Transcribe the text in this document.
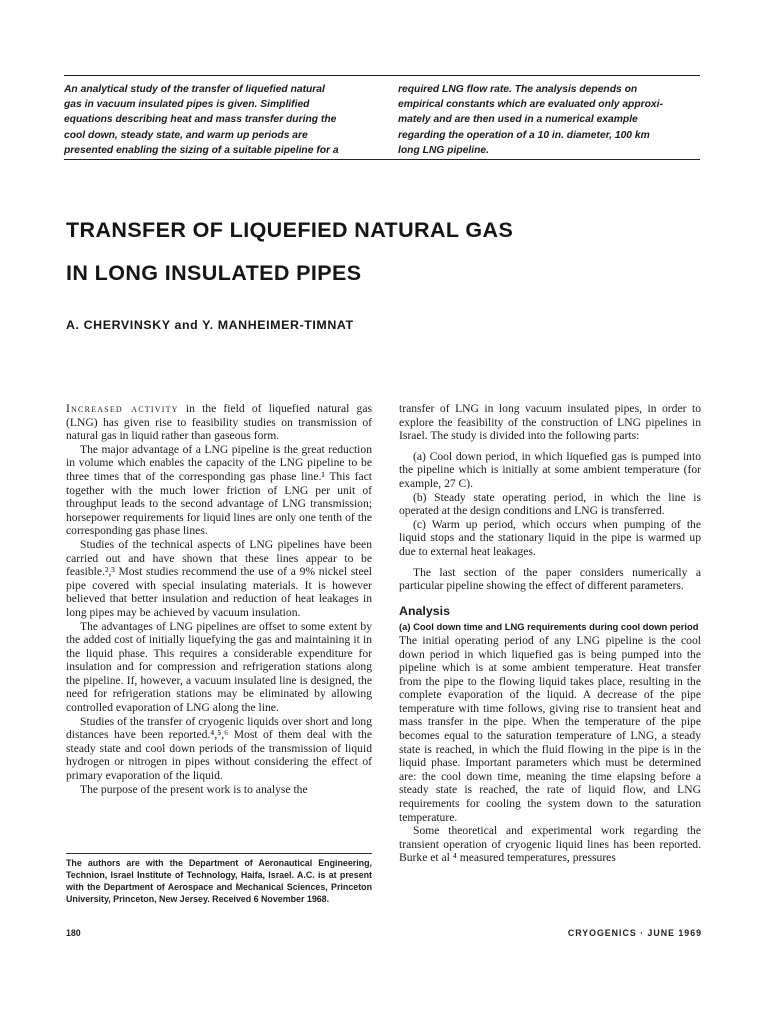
An analytical study of the transfer of liquefied natural
gas in vacuum insulated pipes is given. Simplified
equations describing heat and mass transfer during the
cool down, steady state, and warm up periods are
presented enabling the sizing of a suitable pipeline for a
required LNG flow rate. The analysis depends on
empirical constants which are evaluated only approxi-
mately and are then used in a numerical example
regarding the operation of a 10 in. diameter, 100 km
long LNG pipeline.
TRANSFER OF LIQUEFIED NATURAL GAS
IN LONG INSULATED PIPES
A. CHERVINSKY and Y. MANHEIMER-TIMNAT

Increased activity in the field of liquefied natural gas (LNG) has given rise to feasibility studies on transmission of natural gas in liquid rather than gaseous form.

The major advantage of a LNG pipeline is the great reduction in volume which enables the capacity of the LNG pipeline to be three times that of the corresponding gas phase line.¹ This fact together with the much lower friction of LNG per unit of throughput leads to the second advantage of LNG transmission; horsepower requirements for liquid lines are only one tenth of the corresponding gas phase lines.

Studies of the technical aspects of LNG pipelines have been carried out and have shown that these lines appear to be feasible.²,³ Most studies recommend the use of a 9% nickel steel pipe covered with special insulating materials. It is however believed that better insulation and reduction of heat leakages in long pipes may be achieved by vacuum insulation.

The advantages of LNG pipelines are offset to some extent by the added cost of initially liquefying the gas and maintaining it in the liquid phase. This requires a considerable expenditure for insulation and for compression and refrigeration stations along the pipeline. If, however, a vacuum insulated line is designed, the need for refrigeration stations may be eliminated by allowing controlled evaporation of LNG along the line.

Studies of the transfer of cryogenic liquids over short and long distances have been reported.⁴,⁵,⁶ Most of them deal with the steady state and cool down periods of the transmission of liquid hydrogen or nitrogen in pipes without considering the effect of primary evaporation of the liquid.

The purpose of the present work is to analyse the

transfer of LNG in long vacuum insulated pipes, in order to explore the feasibility of the construction of LNG pipelines in Israel. The study is divided into the following parts:

(a) Cool down period, in which liquefied gas is pumped into the pipeline which is initially at some ambient temperature (for example, 27 C).

(b) Steady state operating period, in which the line is operated at the design conditions and LNG is transferred.

(c) Warm up period, which occurs when pumping of the liquid stops and the stationary liquid in the pipe is warmed up due to external heat leakages.

The last section of the paper considers numerically a particular pipeline showing the effect of different parameters.

Analysis
(a) Cool down time and LNG requirements during cool down period

The initial operating period of any LNG pipeline is the cool down period in which liquefied gas is being pumped into the pipeline which is at some ambient temperature. Heat transfer from the pipe to the flowing liquid takes place, resulting in the complete evaporation of the liquid. A decrease of the pipe temperature with time follows, giving rise to transient heat and mass transfer in the pipe. When the temperature of the pipe becomes equal to the saturation temperature of LNG, a steady state is reached, in which the fluid flowing in the pipe is in the liquid phase. Important parameters which must be determined are: the cool down time, meaning the time elapsing before a steady state is reached, the rate of liquid flow, and LNG requirements for cooling the system down to the saturation temperature.

Some theoretical and experimental work regarding the transient operation of cryogenic liquid lines has been reported. Burke et al ⁴ measured temperatures, pressures

The authors are with the Department of Aeronautical Engineering, Technion, Israel Institute of Technology, Haifa, Israel. A.C. is at present with the Department of Aerospace and Mechanical Sciences, Princeton University, Princeton, New Jersey. Received 6 November 1968.
180	CRYOGENICS · JUNE 1969
